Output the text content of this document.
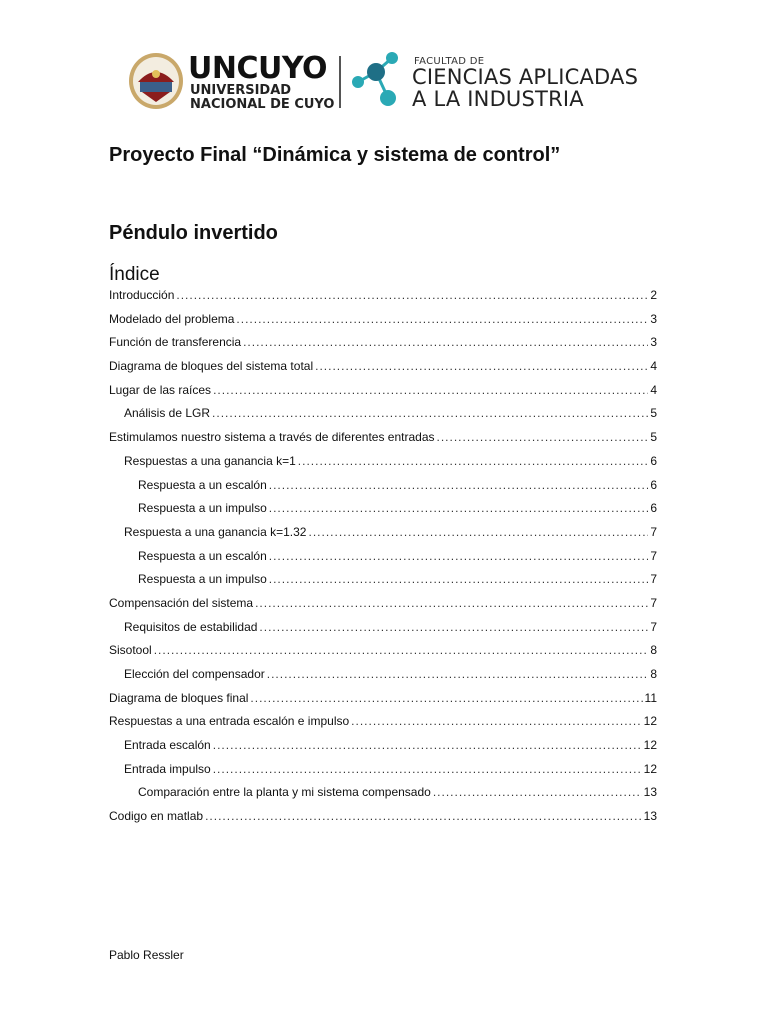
UNCUYO
UNIVERSIDAD
NACIONAL DE CUYO
FACULTAD DE
CIENCIAS APLICADAS
A LA INDUSTRIA
Proyecto Final “Dinámica y sistema de control”
Péndulo invertido
Índice
Introducción .....	2
Modelado del problema .....	3
Función de transferencia .....	3
Diagrama de bloques del sistema total .....	4
Lugar de las raíces .....	4
Análisis de LGR .....	5
Estimulamos nuestro sistema a través de diferentes entradas .....	5
Respuestas a una ganancia k=1 .....	6
Respuesta a un escalón .....	6
Respuesta a un impulso .....	6
Respuesta a una ganancia k=1.32 .....	7
Respuesta a un escalón .....	7
Respuesta a un impulso .....	7
Compensación del sistema .....	7
Requisitos de estabilidad .....	7
Sisotool .....	8
Elección del compensador .....	8
Diagrama de bloques final .....	11
Respuestas a una entrada escalón e impulso .....	12
Entrada escalón .....	12
Entrada impulso .....	12
Comparación entre la planta y mi sistema compensado .....	13
Codigo en matlab .....	13
Pablo Ressler
